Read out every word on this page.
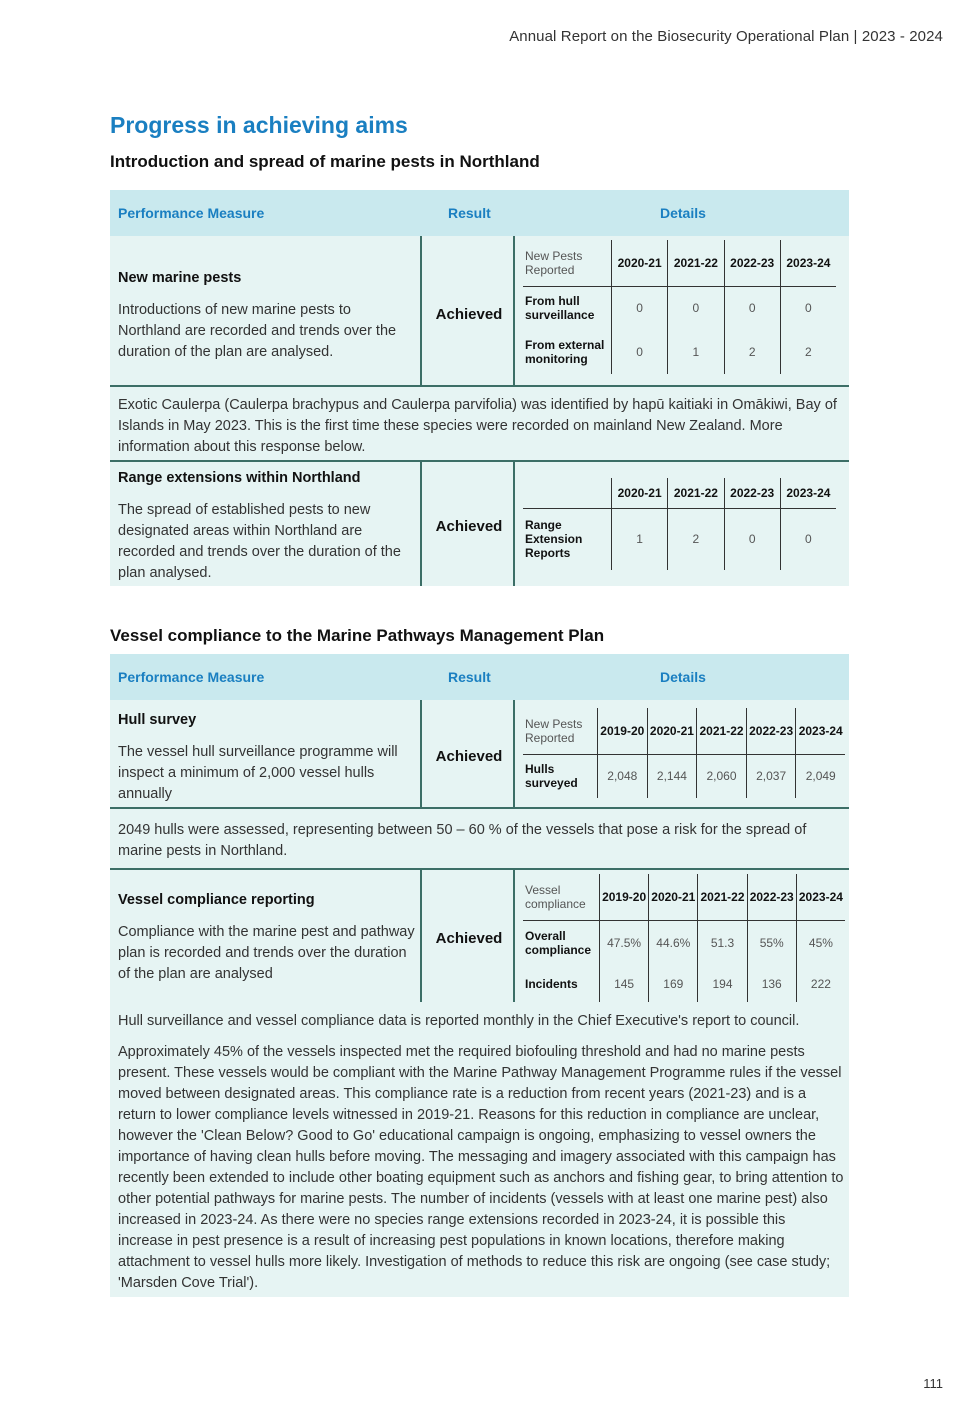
Annual Report on the Biosecurity Operational Plan | 2023 - 2024
Progress in achieving aims
Introduction and spread of marine pests in Northland
Performance Measure	Result	Details
New marine pests
Introductions of new marine pests to Northland are recorded and trends over the duration of the plan are analysed.
Achieved
New Pests Reported	2020-21	2021-22	2022-23	2023-24
From hull surveillance	0	0	0	0
From external monitoring	0	1	2	2
Exotic Caulerpa (Caulerpa brachypus and Caulerpa parvifolia) was identified by hapū kaitiaki in Omākiwi, Bay of Islands in May 2023. This is the first time these species were recorded on mainland New Zealand. More information about this response below.
Range extensions within Northland
The spread of established pests to new designated areas within Northland are recorded and trends over the duration of the plan analysed.
Achieved
	2020-21	2021-22	2022-23	2023-24
Range Extension Reports	1	2	0	0
Vessel compliance to the Marine Pathways Management Plan
Performance Measure	Result	Details
Hull survey
The vessel hull surveillance programme will inspect a minimum of 2,000 vessel hulls annually
Achieved
New Pests Reported	2019-20	2020-21	2021-22	2022-23	2023-24
Hulls surveyed	2,048	2,144	2,060	2,037	2,049
2049 hulls were assessed, representing between 50 – 60 % of the vessels that pose a risk for the spread of marine pests in Northland.
Vessel compliance reporting
Compliance with the marine pest and pathway plan is recorded and trends over the duration of the plan are analysed
Achieved
Vessel compliance	2019-20	2020-21	2021-22	2022-23	2023-24
Overall compliance	47.5%	44.6%	51.3	55%	45%
Incidents	145	169	194	136	222
Hull surveillance and vessel compliance data is reported monthly in the Chief Executive's report to council.
Approximately 45% of the vessels inspected met the required biofouling threshold and had no marine pests present. These vessels would be compliant with the Marine Pathway Management Programme rules if the vessel moved between designated areas. This compliance rate is a reduction from recent years (2021-23) and is a return to lower compliance levels witnessed in 2019-21. Reasons for this reduction in compliance are unclear, however the 'Clean Below? Good to Go' educational campaign is ongoing, emphasizing to vessel owners the importance of having clean hulls before moving. The messaging and imagery associated with this campaign has recently been extended to include other boating equipment such as anchors and fishing gear, to bring attention to other potential pathways for marine pests. The number of incidents (vessels with at least one marine pest) also increased in 2023-24. As there were no species range extensions recorded in 2023-24, it is possible this increase in pest presence is a result of increasing pest populations in known locations, therefore making attachment to vessel hulls more likely. Investigation of methods to reduce this risk are ongoing (see case study; 'Marsden Cove Trial').
111
